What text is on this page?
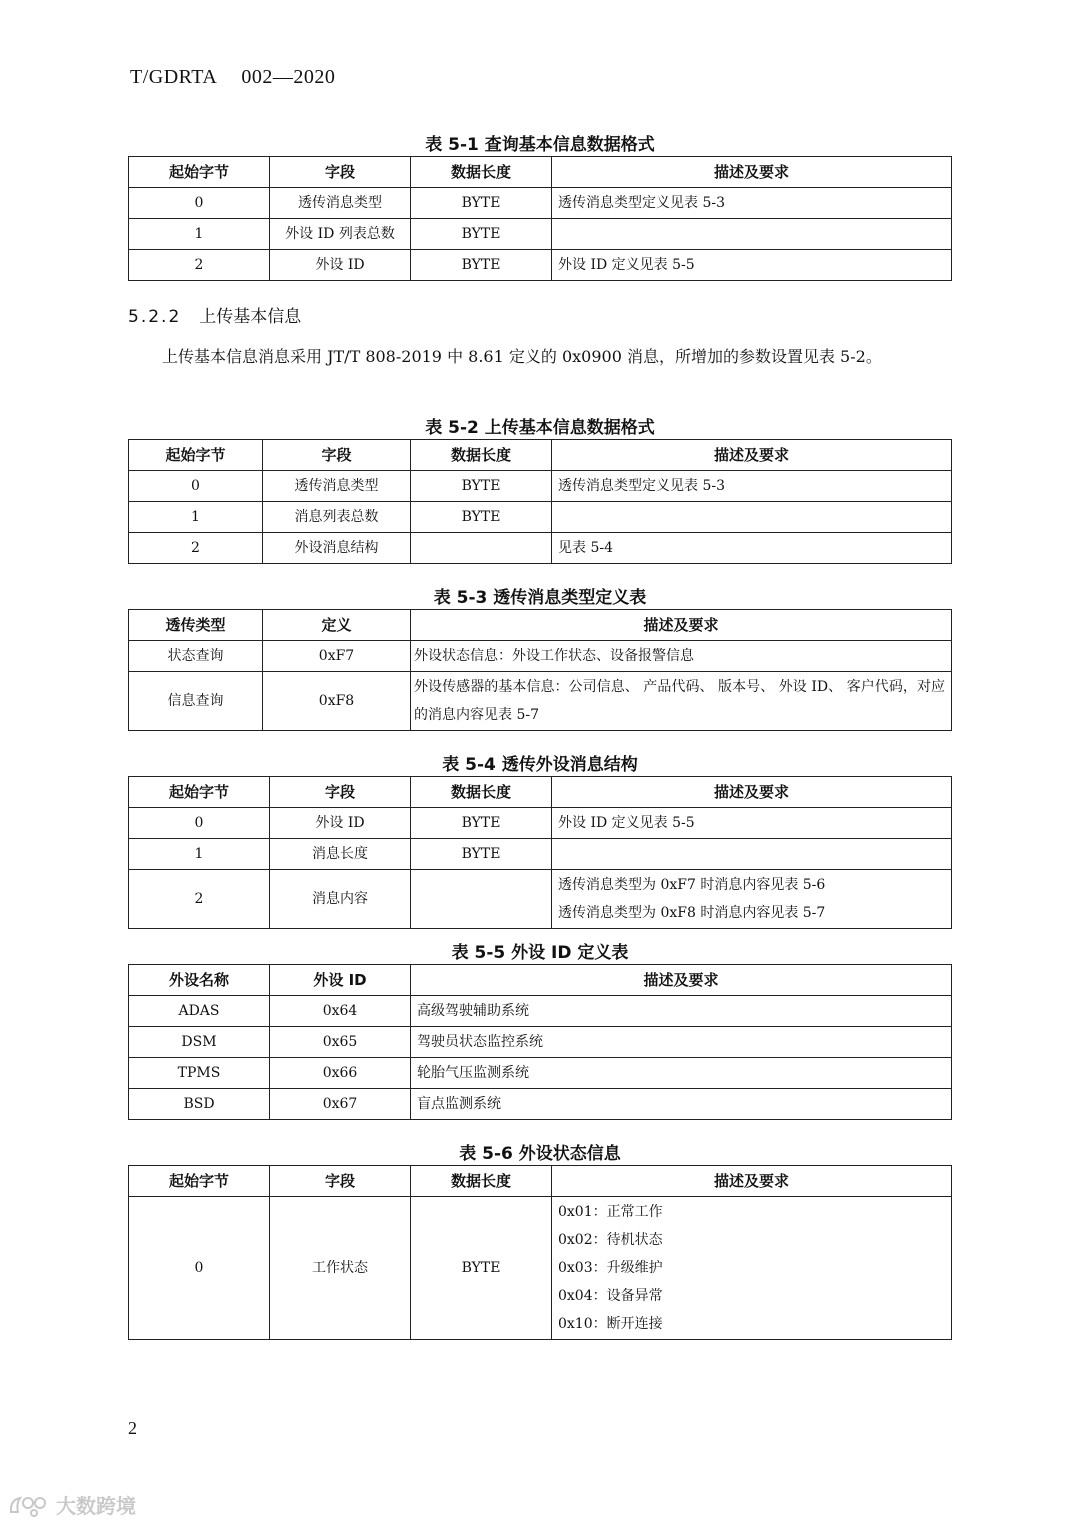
T/GDRTA 002—2020
表 5-1 查询基本信息数据格式
起始字节	字段	数据长度	描述及要求
0	透传消息类型	BYTE	透传消息类型定义见表 5-3
1	外设 ID 列表总数	BYTE	
2	外设 ID	BYTE	外设 ID 定义见表 5-5
5.2.2 上传基本信息
上传基本信息消息采用 JT/T 808-2019 中 8.61 定义的 0x0900 消息，所增加的参数设置见表 5-2。
表 5-2 上传基本信息数据格式
起始字节	字段	数据长度	描述及要求
0	透传消息类型	BYTE	透传消息类型定义见表 5-3
1	消息列表总数	BYTE	
2	外设消息结构		见表 5-4
表 5-3 透传消息类型定义表
透传类型	定义	描述及要求
状态查询	0xF7	外设状态信息：外设工作状态、设备报警信息
信息查询	0xF8	外设传感器的基本信息：公司信息、 产品代码、 版本号、 外设 ID、 客户代码，对应的消息内容见表 5-7
表 5-4 透传外设消息结构
起始字节	字段	数据长度	描述及要求
0	外设 ID	BYTE	外设 ID 定义见表 5-5
1	消息长度	BYTE	
2	消息内容		透传消息类型为 0xF7 时消息内容见表 5-6
透传消息类型为 0xF8 时消息内容见表 5-7
表 5-5 外设 ID 定义表
外设名称	外设 ID	描述及要求
ADAS	0x64	高级驾驶辅助系统
DSM	0x65	驾驶员状态监控系统
TPMS	0x66	轮胎气压监测系统
BSD	0x67	盲点监测系统
表 5-6 外设状态信息
起始字节	字段	数据长度	描述及要求
0	工作状态	BYTE	0x01：正常工作
0x02：待机状态
0x03：升级维护
0x04：设备异常
0x10：断开连接
2
大数跨境
